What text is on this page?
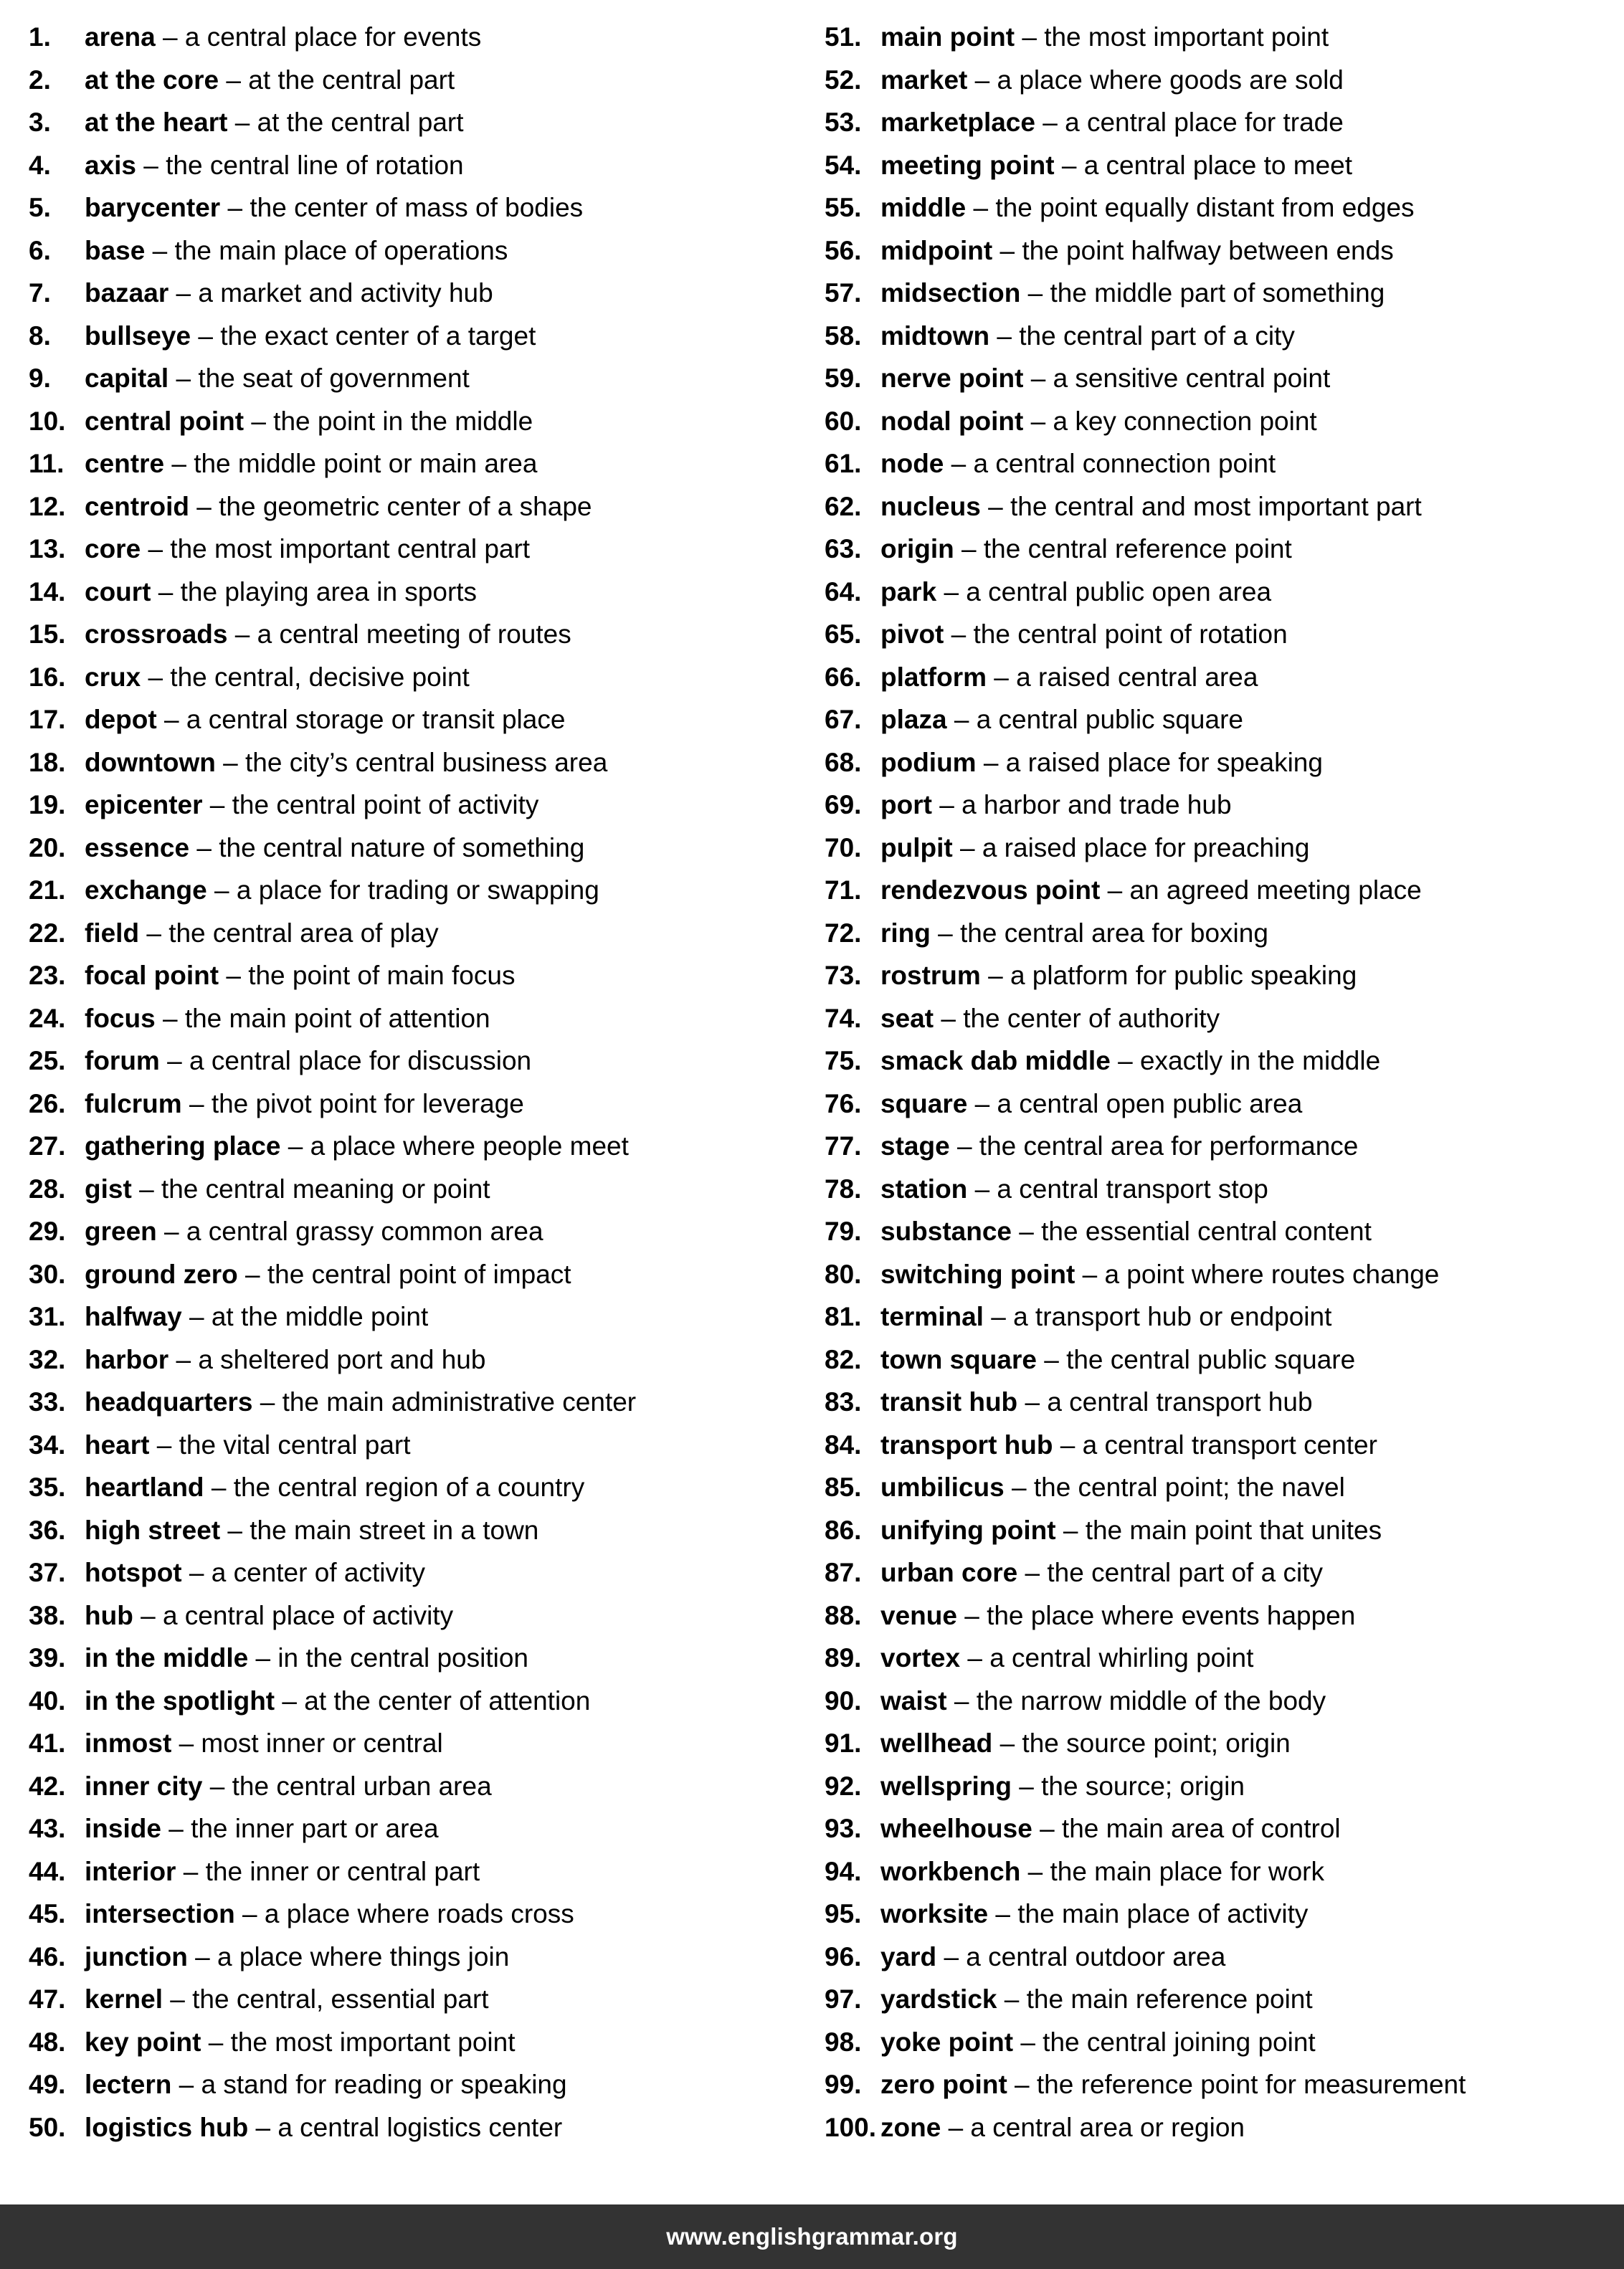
1.	arena – a central place for events
2.	at the core – at the central part
3.	at the heart – at the central part
4.	axis – the central line of rotation
5.	barycenter – the center of mass of bodies
6.	base – the main place of operations
7.	bazaar – a market and activity hub
8.	bullseye – the exact center of a target
9.	capital – the seat of government
10. central point – the point in the middle
11. centre – the middle point or main area
12. centroid – the geometric center of a shape
13. core – the most important central part
14. court – the playing area in sports
15. crossroads – a central meeting of routes
16. crux – the central, decisive point
17. depot – a central storage or transit place
18. downtown – the city’s central business area
19. epicenter – the central point of activity
20. essence – the central nature of something
21. exchange – a place for trading or swapping
22. field – the central area of play
23. focal point – the point of main focus
24. focus – the main point of attention
25. forum – a central place for discussion
26. fulcrum – the pivot point for leverage
27. gathering place – a place where people meet
28. gist – the central meaning or point
29. green – a central grassy common area
30. ground zero – the central point of impact
31. halfway – at the middle point
32. harbor – a sheltered port and hub
33. headquarters – the main administrative center
34. heart – the vital central part
35. heartland – the central region of a country
36. high street – the main street in a town
37. hotspot – a center of activity
38. hub – a central place of activity
39. in the middle – in the central position
40. in the spotlight – at the center of attention
41. inmost – most inner or central
42. inner city – the central urban area
43. inside – the inner part or area
44. interior – the inner or central part
45. intersection – a place where roads cross
46. junction – a place where things join
47. kernel – the central, essential part
48. key point – the most important point
49. lectern – a stand for reading or speaking
50. logistics hub – a central logistics center
51. main point – the most important point
52. market – a place where goods are sold
53. marketplace – a central place for trade
54. meeting point – a central place to meet
55. middle – the point equally distant from edges
56. midpoint – the point halfway between ends
57. midsection – the middle part of something
58. midtown – the central part of a city
59. nerve point – a sensitive central point
60. nodal point – a key connection point
61. node – a central connection point
62. nucleus – the central and most important part
63. origin – the central reference point
64. park – a central public open area
65. pivot – the central point of rotation
66. platform – a raised central area
67. plaza – a central public square
68. podium – a raised place for speaking
69. port – a harbor and trade hub
70. pulpit – a raised place for preaching
71. rendezvous point – an agreed meeting place
72. ring – the central area for boxing
73. rostrum – a platform for public speaking
74. seat – the center of authority
75. smack dab middle – exactly in the middle
76. square – a central open public area
77. stage – the central area for performance
78. station – a central transport stop
79. substance – the essential central content
80. switching point – a point where routes change
81. terminal – a transport hub or endpoint
82. town square – the central public square
83. transit hub – a central transport hub
84. transport hub – a central transport center
85. umbilicus – the central point; the navel
86. unifying point – the main point that unites
87. urban core – the central part of a city
88. venue – the place where events happen
89. vortex – a central whirling point
90. waist – the narrow middle of the body
91. wellhead – the source point; origin
92. wellspring – the source; origin
93. wheelhouse – the main area of control
94. workbench – the main place for work
95. worksite – the main place of activity
96. yard – a central outdoor area
97. yardstick – the main reference point
98. yoke point – the central joining point
99. zero point – the reference point for measurement
100. zone – a central area or region
www.englishgrammar.org
